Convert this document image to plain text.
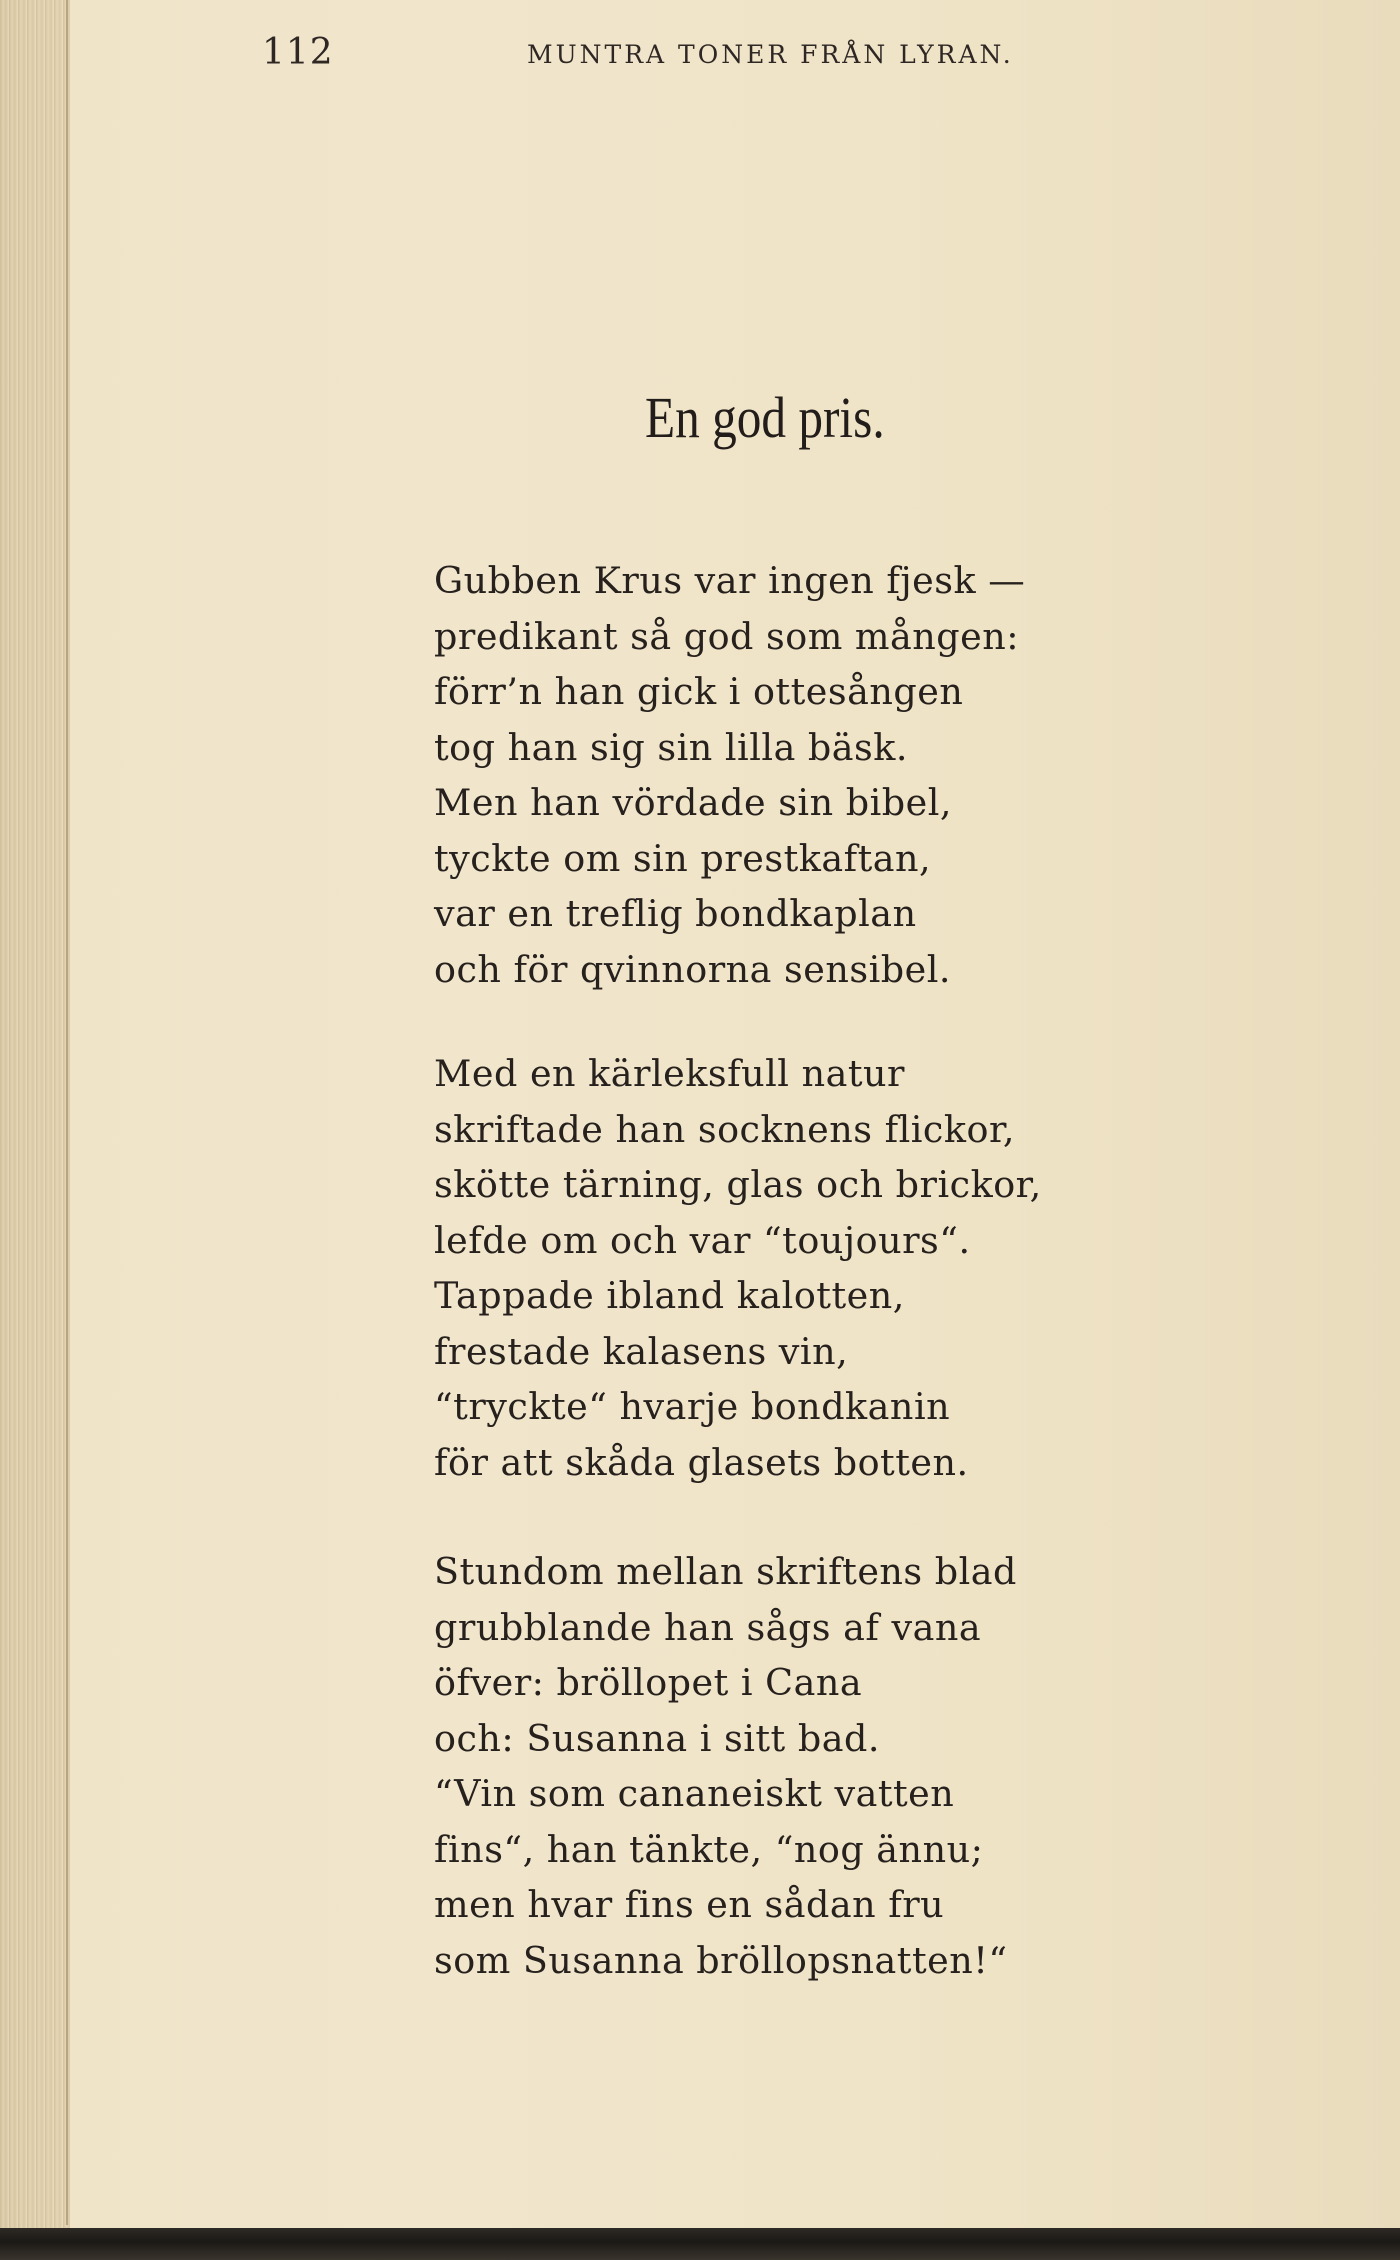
112	MUNTRA TONER FRÅN LYRAN.
En god pris.
Gubben Krus var ingen fjesk —
predikant så god som mången:
förr’n han gick i ottesången
tog han sig sin lilla bäsk.
Men han vördade sin bibel,
tyckte om sin prestkaftan,
var en treflig bondkaplan
och för qvinnorna sensibel.
Med en kärleksfull natur
skriftade han socknens flickor,
skötte tärning, glas och brickor,
lefde om och var “toujours“.
Tappade ibland kalotten,
frestade kalasens vin,
“tryckte“ hvarje bondkanin
för att skåda glasets botten.
Stundom mellan skriftens blad
grubblande han sågs af vana
öfver: bröllopet i Cana
och: Susanna i sitt bad.
“Vin som cananeiskt vatten
fins“, han tänkte, “nog ännu;
men hvar fins en sådan fru
som Susanna bröllopsnatten!“
